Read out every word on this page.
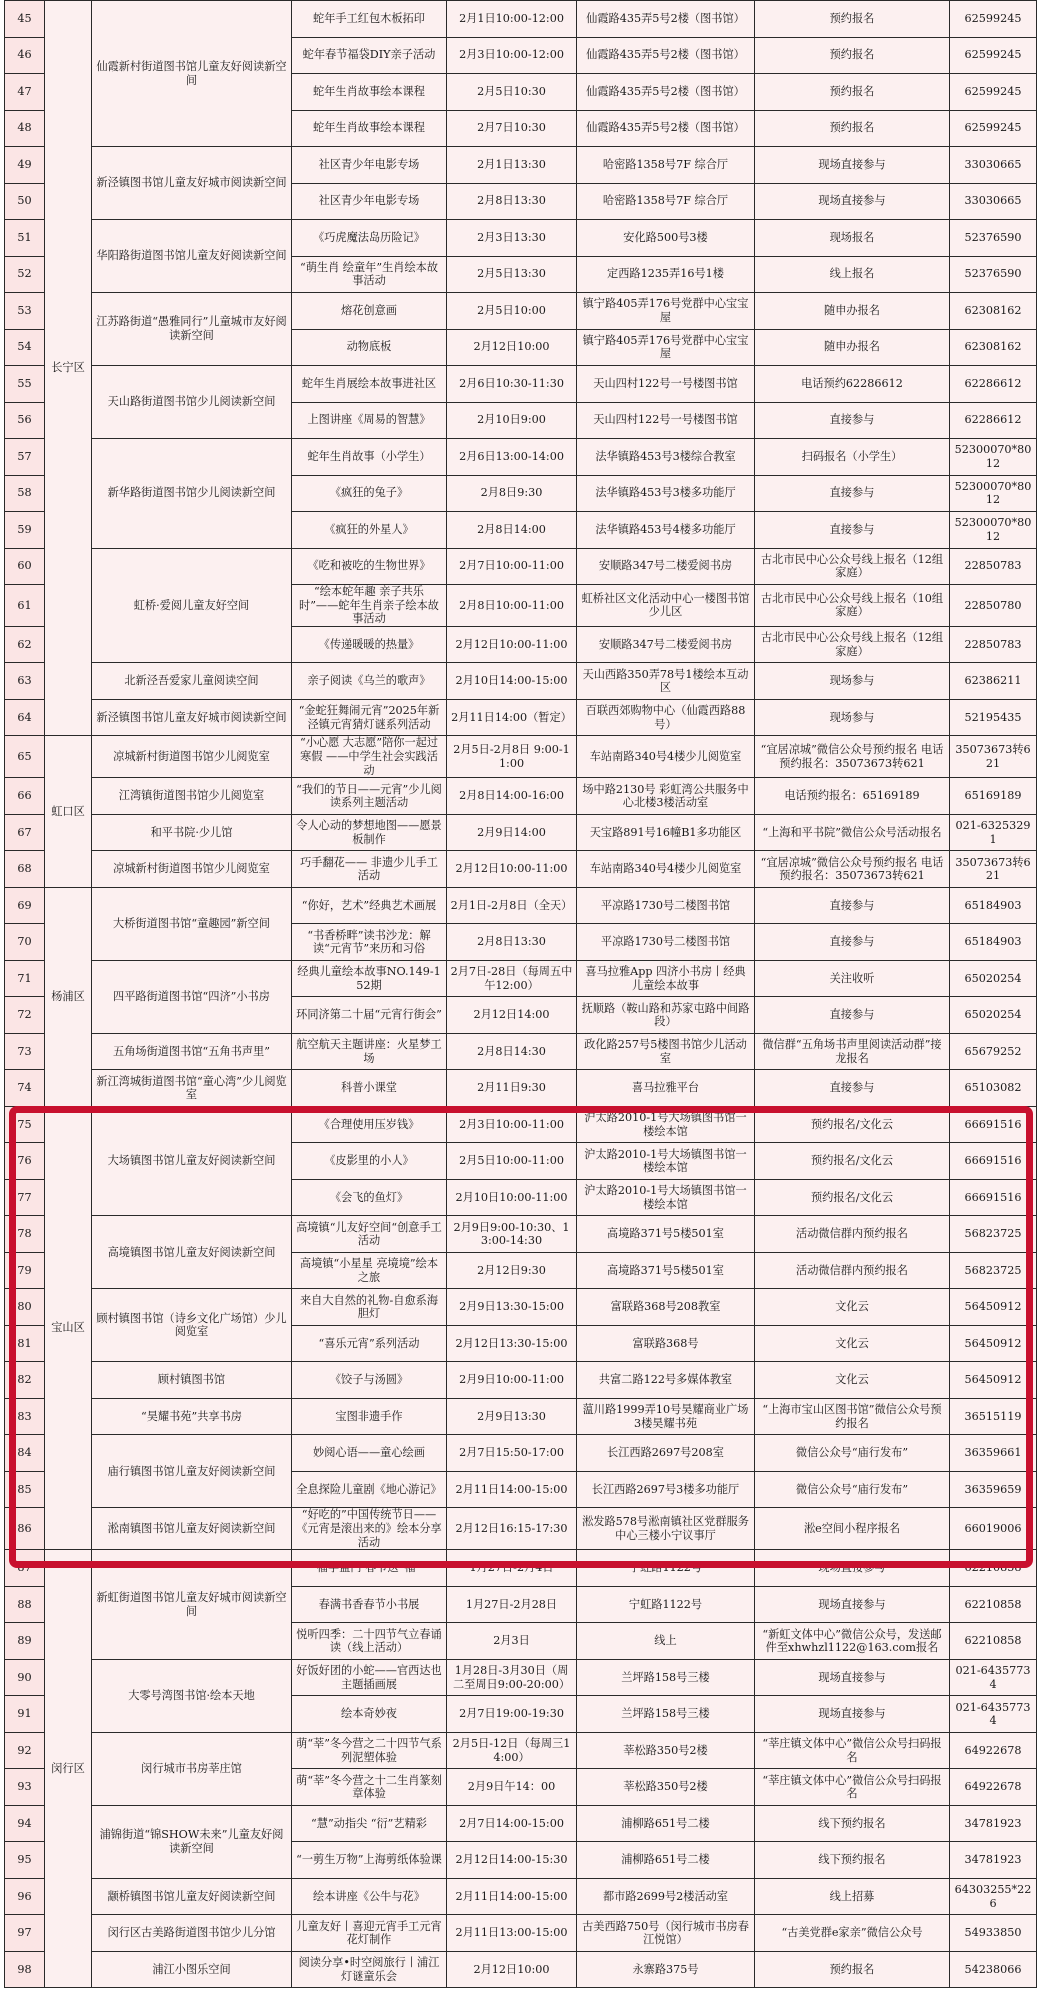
45	长宁区	仙霞新村街道图书馆儿童友好阅读新空间	蛇年手工红包木板拓印	2月1日10:00-12:00	仙霞路435弄5号2楼（图书馆）	预约报名	62599245
46			蛇年春节福袋DIY亲子活动	2月3日10:00-12:00	仙霞路435弄5号2楼（图书馆）	预约报名	62599245
47			蛇年生肖故事绘本课程	2月5日10:30	仙霞路435弄5号2楼（图书馆）	预约报名	62599245
48			蛇年生肖故事绘本课程	2月7日10:30	仙霞路435弄5号2楼（图书馆）	预约报名	62599245
49		新泾镇图书馆儿童友好城市阅读新空间	社区青少年电影专场	2月1日13:30	哈密路1358号7F 综合厅	现场直接参与	33030665
50			社区青少年电影专场	2月8日13:30	哈密路1358号7F 综合厅	现场直接参与	33030665
51		华阳路街道图书馆儿童友好阅读新空间	《巧虎魔法岛历险记》	2月3日13:30	安化路500号3楼	现场报名	52376590
52			“萌生肖 绘童年”生肖绘本故事活动	2月5日13:30	定西路1235弄16号1楼	线上报名	52376590
53		江苏路街道“愚雅同行”儿童城市友好阅读新空间	熔花创意画	2月5日10:00	镇宁路405弄176号党群中心宝宝屋	随申办报名	62308162
54			动物底板	2月12日10:00	镇宁路405弄176号党群中心宝宝屋	随申办报名	62308162
55		天山路街道图书馆少儿阅读新空间	蛇年生肖展绘本故事进社区	2月6日10:30-11:30	天山四村122号一号楼图书馆	电话预约62286612	62286612
56			上图讲座《周易的智慧》	2月10日9:00	天山四村122号一号楼图书馆	直接参与	62286612
57		新华路街道图书馆少儿阅读新空间	蛇年生肖故事（小学生）	2月6日13:00-14:00	法华镇路453号3楼综合教室	扫码报名（小学生）	52300070*8012
58			《疯狂的兔子》	2月8日9:30	法华镇路453号3楼多功能厅	直接参与	52300070*8012
59			《疯狂的外星人》	2月8日14:00	法华镇路453号4楼多功能厅	直接参与	52300070*8012
60		虹桥·爱阅儿童友好空间	《吃和被吃的生物世界》	2月7日10:00-11:00	安顺路347号二楼爱阅书房	古北市民中心公众号线上报名（12组家庭）	22850783
61			“绘本蛇年趣 亲子共乐时”——蛇年生肖亲子绘本故事活动	2月8日10:00-11:00	虹桥社区文化活动中心一楼图书馆少儿区	古北市民中心公众号线上报名（10组家庭）	22850780
62			《传递暖暖的热量》	2月12日10:00-11:00	安顺路347号二楼爱阅书房	古北市民中心公众号线上报名（12组家庭）	22850783
63		北新泾吾爱家儿童阅读空间	亲子阅读《乌兰的歌声》	2月10日14:00-15:00	天山西路350弄78号1楼绘本互动区	现场参与	62386211
64		新泾镇图书馆儿童友好城市阅读新空间	“金蛇狂舞闹元宵”2025年新泾镇元宵猜灯谜系列活动	2月11日14:00（暂定）	百联西郊购物中心（仙霞西路88号）	现场参与	52195435
65	虹口区	凉城新村街道图书馆少儿阅览室	“小心愿 大志愿”陪你一起过寒假 ——中学生社会实践活动	2月5日-2月8日 9:00-11:00	车站南路340号4楼少儿阅览室	“宜居凉城”微信公众号预约报名 电话预约报名：35073673转621	35073673转621
66		江湾镇街道图书馆少儿阅览室	“我们的节日——元宵”少儿阅读系列主题活动	2月8日14:00-16:00	场中路2130号 彩虹湾公共服务中心北楼3楼活动室	电话预约报名：65169189	65169189
67		和平书院·少儿馆	令人心动的梦想地图——愿景板制作	2月9日14:00	天宝路891号16幢B1多功能区	“上海和平书院”微信公众号活动报名	021-63253291
68		凉城新村街道图书馆少儿阅览室	巧手翻花—— 非遗少儿手工活动	2月12日10:00-11:00	车站南路340号4楼少儿阅览室	“宜居凉城”微信公众号预约报名 电话预约报名：35073673转621	35073673转621
69	杨浦区	大桥街道图书馆“童趣园”新空间	“你好，艺术”经典艺术画展	2月1日-2月8日（全天）	平凉路1730号二楼图书馆	直接参与	65184903
70			“书香桥畔”读书沙龙：解读“元宵节”来历和习俗	2月8日13:30	平凉路1730号二楼图书馆	直接参与	65184903
71		四平路街道图书馆“四济”小书房	经典儿童绘本故事NO.149-152期	2月7日-28日（每周五中午12:00）	喜马拉雅App 四济小书房丨经典儿童绘本故事	关注收听	65020254
72			环同济第二十届“元宵行街会”	2月12日14:00	抚顺路（鞍山路和苏家屯路中间路段）	直接参与	65020254
73		五角场街道图书馆“五角书声里”	航空航天主题讲座：火星梦工场	2月8日14:30	政化路257号5楼图书馆少儿活动室	微信群“五角场书声里阅读活动群”接龙报名	65679252
74		新江湾城街道图书馆“童心湾”少儿阅览室	科普小课堂	2月11日9:30	喜马拉雅平台	直接参与	65103082
75	宝山区	大场镇图书馆儿童友好阅读新空间	《合理使用压岁钱》	2月3日10:00-11:00	沪太路2010-1号大场镇图书馆一楼绘本馆	预约报名/文化云	66691516
76			《皮影里的小人》	2月5日10:00-11:00	沪太路2010-1号大场镇图书馆一楼绘本馆	预约报名/文化云	66691516
77			《会飞的鱼灯》	2月10日10:00-11:00	沪太路2010-1号大场镇图书馆一楼绘本馆	预约报名/文化云	66691516
78		高境镇图书馆儿童友好阅读新空间	高境镇“儿友好空间“创意手工活动	2月9日9:00-10:30、13:00-14:30	高境路371号5楼501室	活动微信群内预约报名	56823725
79			高境镇“小星星 亮境境”绘本之旅	2月12日9:30	高境路371号5楼501室	活动微信群内预约报名	56823725
80		顾村镇图书馆（诗乡文化广场馆）少儿阅览室	来自大自然的礼物-自愈系海胆灯	2月9日13:30-15:00	富联路368号208教室	文化云	56450912
81			“喜乐元宵”系列活动	2月12日13:30-15:00	富联路368号	文化云	56450912
82		顾村镇图书馆	《饺子与汤圆》	2月9日10:00-11:00	共富二路122号多媒体教室	文化云	56450912
83		“昊耀书苑”共享书房	宝图非遗手作	2月9日13:30	蕰川路1999弄10号昊耀商业广场3楼昊耀书苑	“上海市宝山区图书馆”微信公众号预约报名	36515119
84		庙行镇图书馆儿童友好阅读新空间	妙阅心语——童心绘画	2月7日15:50-17:00	长江西路2697号208室	微信公众号“庙行发布”	36359661
85			全息探险儿童剧《地心游记》	2月11日14:00-15:00	长江西路2697号3楼多功能厅	微信公众号“庙行发布”	36359659
86		淞南镇图书馆儿童友好阅读新空间	“好吃的”中国传统节日——《元宵是滚出来的》绘本分享活动	2月12日16:15-17:30	淞发路578号淞南镇社区党群服务中心三楼小宁议事厅	淞e空间小程序报名	66019006
87	闵行区	新虹街道图书馆儿童友好城市阅读新空间	福字盈门 春节送“福”	1月27日-2月4日	宁虹路1122号	现场直接参与	62210858
88			春满书香春节小书展	1月27日-2月28日	宁虹路1122号	现场直接参与	62210858
89			悦听四季：二十四节气立春诵读（线上活动）	2月3日	线上	“新虹文体中心”微信公众号，发送邮件至xhwhzl1122@163.com报名	62210858
90		大零号湾图书馆·绘本天地	好饭好团的小蛇——官西达也主题插画展	1月28日-3月30日（周二至周日9:00-20:00）	兰坪路158号三楼	现场直接参与	021-64357734
91			绘本奇妙夜	2月7日19:00-19:30	兰坪路158号三楼	现场直接参与	021-64357734
92		闵行城市书房莘庄馆	萌“莘”冬今营之二十四节气系列泥塑体验	2月5日-12日（每周三14:00）	莘松路350号2楼	“莘庄镇文体中心”微信公众号扫码报名	64922678
93			萌“莘”冬今营之十二生肖篆刻章体验	2月9日午14：00	莘松路350号2楼	“莘庄镇文体中心”微信公众号扫码报名	64922678
94		浦锦街道“锦SHOW未来”儿童友好阅读新空间	“慧”动指尖 “衍”艺精彩	2月7日14:00-15:00	浦柳路651号二楼	线下预约报名	34781923
95			“一剪生万物”上海剪纸体验课	2月12日14:00-15:30	浦柳路651号二楼	线下预约报名	34781923
96		颛桥镇图书馆儿童友好阅读新空间	绘本讲座《公牛与花》	2月11日14:00-15:00	都市路2699号2楼活动室	线上招募	64303255*226
97		闵行区古美路街道图书馆少儿分馆	儿童友好丨喜迎元宵手工元宵花灯制作	2月11日13:00-15:00	古美西路750号（闵行城市书房春江悦馆）	“古美党群e家亲”微信公众号	54933850
98		浦江小图乐空间	阅读分享•时空阅旅行丨浦江灯谜童乐会	2月12日10:00	永寨路375号	预约报名	54238066
